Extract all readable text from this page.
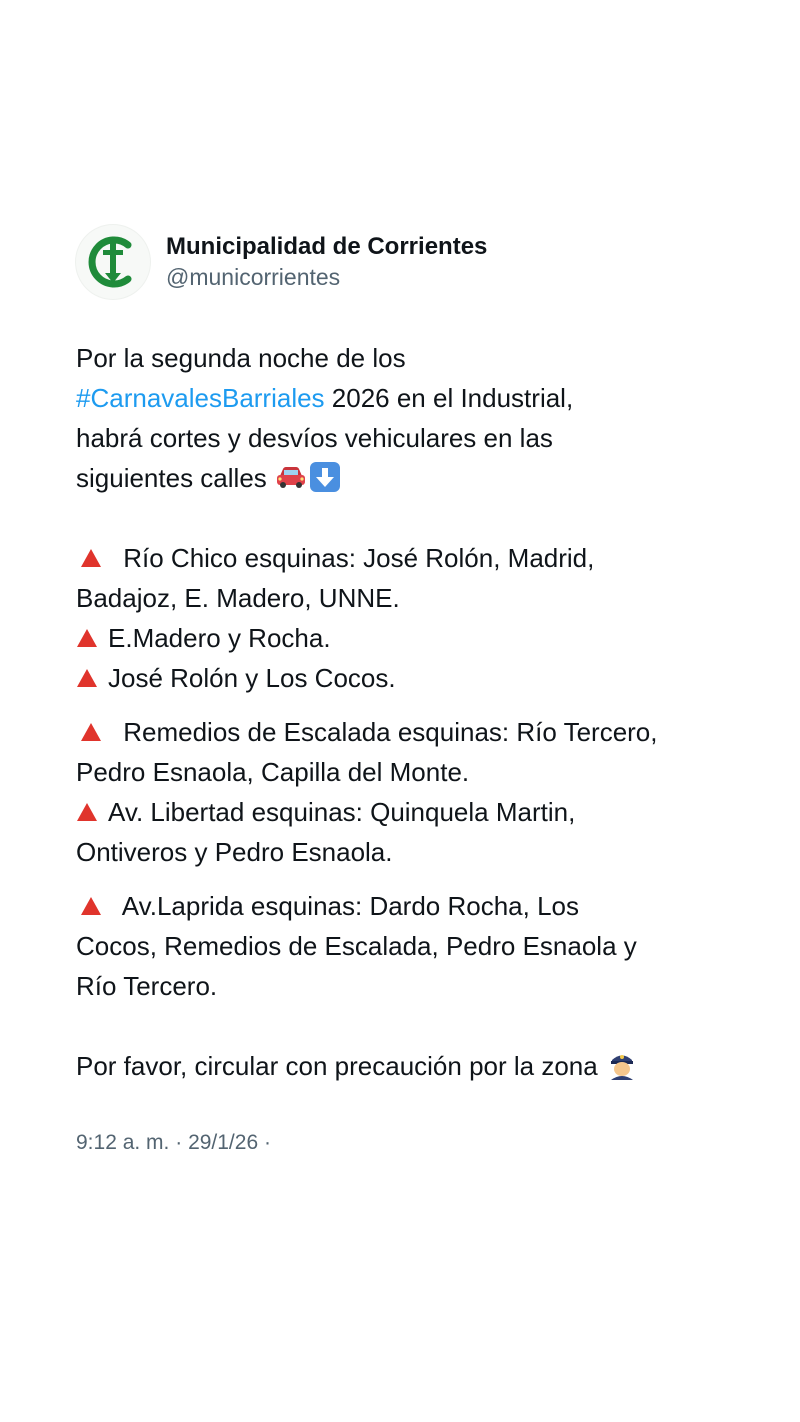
Municipalidad de Corrientes
@municorrientes

Por la segunda noche de los

#CarnavalesBarriales 2026 en el Industrial,

habrá cortes y desvíos vehiculares en las

siguientes calles

Río Chico esquinas: José Rolón, Madrid,

Badajoz, E. Madero, UNNE.

E.Madero y Rocha.

José Rolón y Los Cocos.

Remedios de Escalada esquinas: Río Tercero,

Pedro Esnaola, Capilla del Monte.

Av. Libertad esquinas: Quinquela Martin,

Ontiveros y Pedro Esnaola.

Av.Laprida esquinas: Dardo Rocha, Los

Cocos, Remedios de Escalada, Pedro Esnaola y

Río Tercero.

Por favor, circular con precaución por la zona

9:12 a. m. · 29/1/26 ·
